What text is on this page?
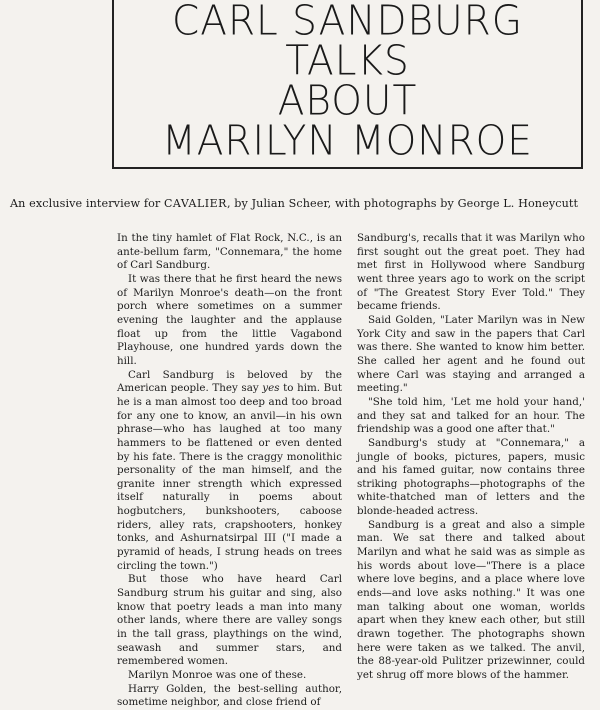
CARL SANDBURG
TALKS
ABOUT
MARILYN MONROE
An exclusive interview for CAVALIER, by Julian Scheer, with photographs by George L. Honeycutt

In the tiny hamlet of Flat Rock, N.C., is an ante-bellum farm, "Connemara," the home of Carl Sandburg.

It was there that he first heard the news of Marilyn Monroe's death—on the front porch where sometimes on a summer evening the laughter and the applause float up from the little Vagabond Playhouse, one hundred yards down the hill.

Carl Sandburg is beloved by the American people. They say yes to him. But he is a man almost too deep and too broad for any one to know, an anvil—in his own phrase—who has laughed at too many hammers to be flattened or even dented by his fate. There is the craggy monolithic personality of the man himself, and the granite inner strength which expressed itself naturally in poems about hogbutchers, bunkshooters, caboose riders, alley rats, crapshooters, honkey tonks, and Ashurnatsirpal III ("I made a pyramid of heads, I strung heads on trees circling the town.")

But those who have heard Carl Sandburg strum his guitar and sing, also know that poetry leads a man into many other lands, where there are valley songs in the tall grass, playthings on the wind, seawash and summer stars, and remembered women.

Marilyn Monroe was one of these.

Harry Golden, the best-selling author, sometime neighbor, and close friend of

Sandburg's, recalls that it was Marilyn who first sought out the great poet. They had met first in Hollywood where Sandburg went three years ago to work on the script of "The Greatest Story Ever Told." They became friends.

Said Golden, "Later Marilyn was in New York City and saw in the papers that Carl was there. She wanted to know him better. She called her agent and he found out where Carl was staying and arranged a meeting."

"She told him, 'Let me hold your hand,' and they sat and talked for an hour. The friendship was a good one after that."

Sandburg's study at "Connemara," a jungle of books, pictures, papers, music and his famed guitar, now contains three striking photographs—photographs of the white-thatched man of letters and the blonde-headed actress.

Sandburg is a great and also a simple man. We sat there and talked about Marilyn and what he said was as simple as his words about love—"There is a place where love begins, and a place where love ends—and love asks nothing." It was one man talking about one woman, worlds apart when they knew each other, but still drawn together. The photographs shown here were taken as we talked. The anvil, the 88-year-old Pulitzer prizewinner, could yet shrug off more blows of the hammer.
